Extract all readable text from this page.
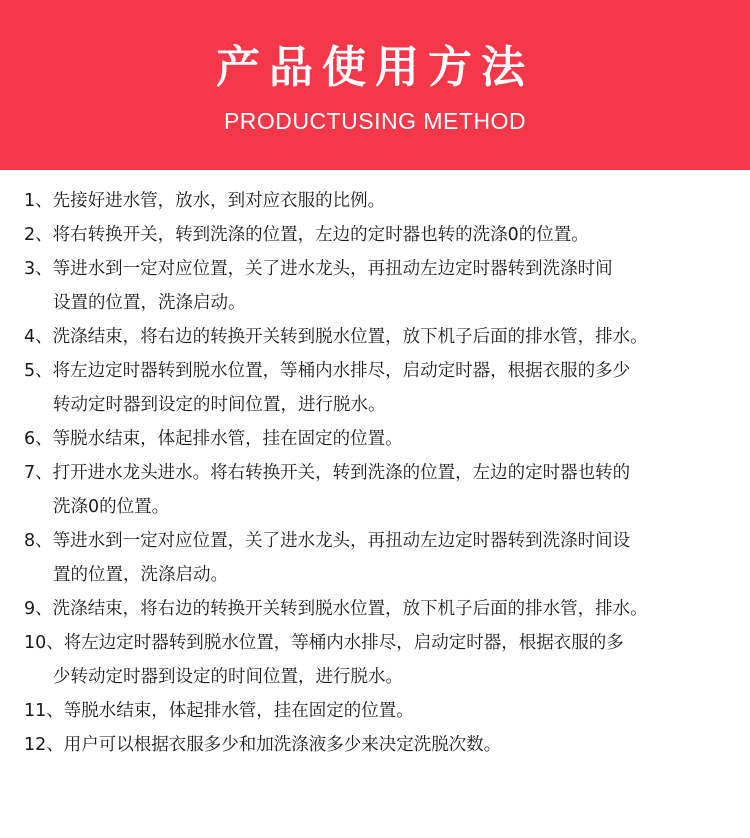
产品使用方法
PRODUCTUSING METHOD
1、先接好进水管，放水，到对应衣服的比例。
2、将右转换开关，转到洗涤的位置，左边的定时器也转的洗涤0的位置。
3、等进水到一定对应位置，关了进水龙头，再扭动左边定时器转到洗涤时间
设置的位置，洗涤启动。
4、洗涤结束，将右边的转换开关转到脱水位置，放下机子后面的排水管，排水。
5、将左边定时器转到脱水位置，等桶内水排尽，启动定时器，根据衣服的多少
转动定时器到设定的时间位置，进行脱水。
6、等脱水结束，体起排水管，挂在固定的位置。
7、打开进水龙头进水。将右转换开关，转到洗涤的位置，左边的定时器也转的
洗涤0的位置。
8、等进水到一定对应位置，关了进水龙头，再扭动左边定时器转到洗涤时间设
置的位置，洗涤启动。
9、洗涤结束，将右边的转换开关转到脱水位置，放下机子后面的排水管，排水。
10、将左边定时器转到脱水位置，等桶内水排尽，启动定时器，根据衣服的多
少转动定时器到设定的时间位置，进行脱水。
11、等脱水结束，体起排水管，挂在固定的位置。
12、用户可以根据衣服多少和加洗涤液多少来决定洗脱次数。
